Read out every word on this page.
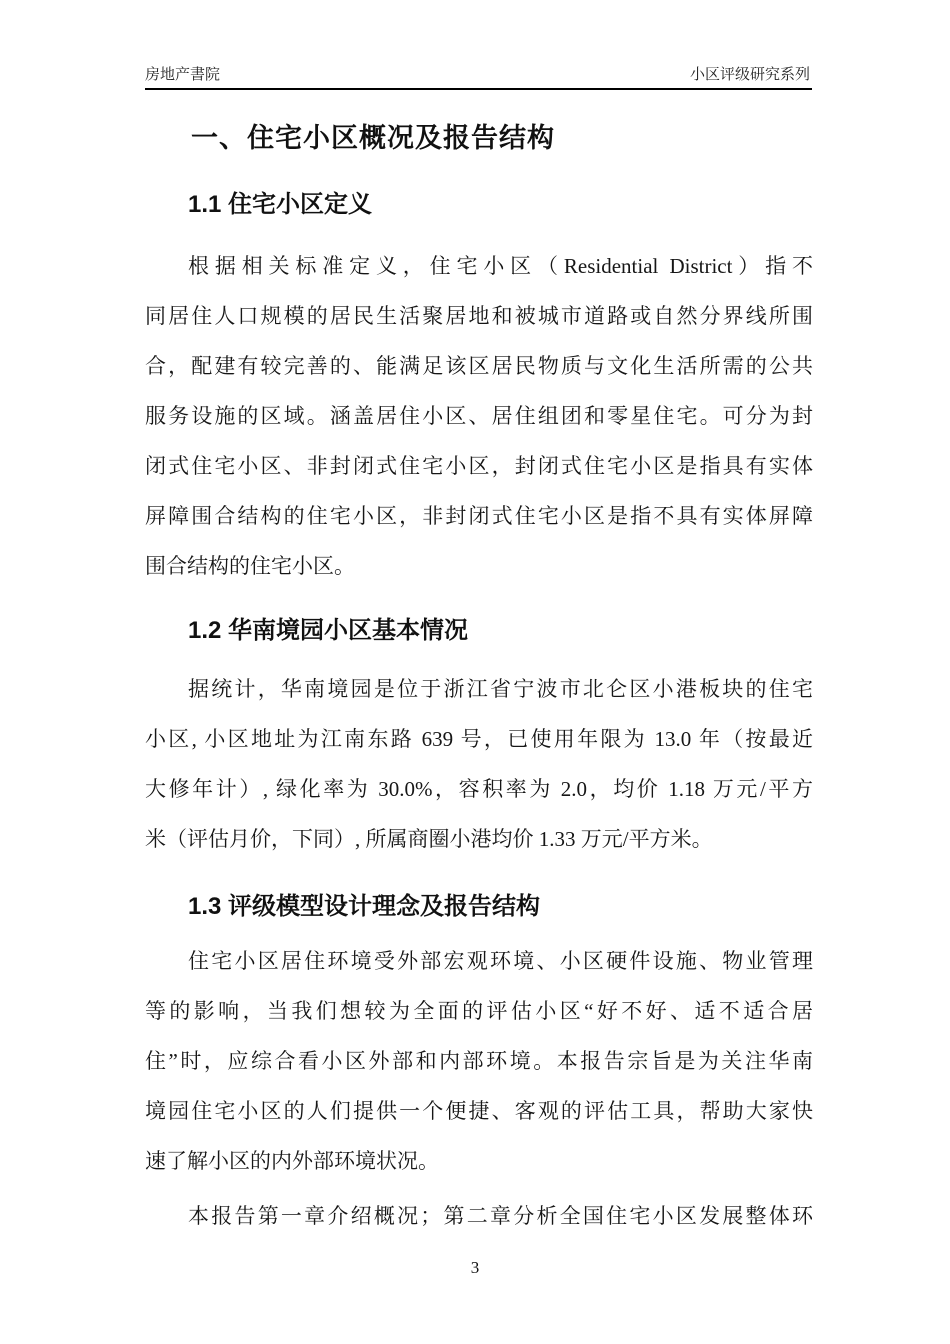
房地产書院	小区评级研究系列
一、住宅小区概况及报告结构
1.1 住宅小区定义
根据相关标准定义，住宅小区（Residential District）指不
同居住人口规模的居民生活聚居地和被城市道路或自然分界线所围
合，配建有较完善的、能满足该区居民物质与文化生活所需的公共
服务设施的区域。涵盖居住小区、居住组团和零星住宅。可分为封
闭式住宅小区、非封闭式住宅小区，封闭式住宅小区是指具有实体
屏障围合结构的住宅小区，非封闭式住宅小区是指不具有实体屏障
围合结构的住宅小区。
1.2 华南境园小区基本情况
据统计，华南境园是位于浙江省宁波市北仑区小港板块的住宅
小区, 小区地址为江南东路 639 号，已使用年限为 13.0 年（按最近
大修年计）, 绿化率为 30.0%，容积率为 2.0，均价 1.18 万元/平方
米（评估月价，下同）, 所属商圈小港均价 1.33 万元/平方米。
1.3 评级模型设计理念及报告结构
住宅小区居住环境受外部宏观环境、小区硬件设施、物业管理
等的影响，当我们想较为全面的评估小区“好不好、适不适合居
住”时，应综合看小区外部和内部环境。本报告宗旨是为关注华南
境园住宅小区的人们提供一个便捷、客观的评估工具，帮助大家快
速了解小区的内外部环境状况。
本报告第一章介绍概况；第二章分析全国住宅小区发展整体环
3
